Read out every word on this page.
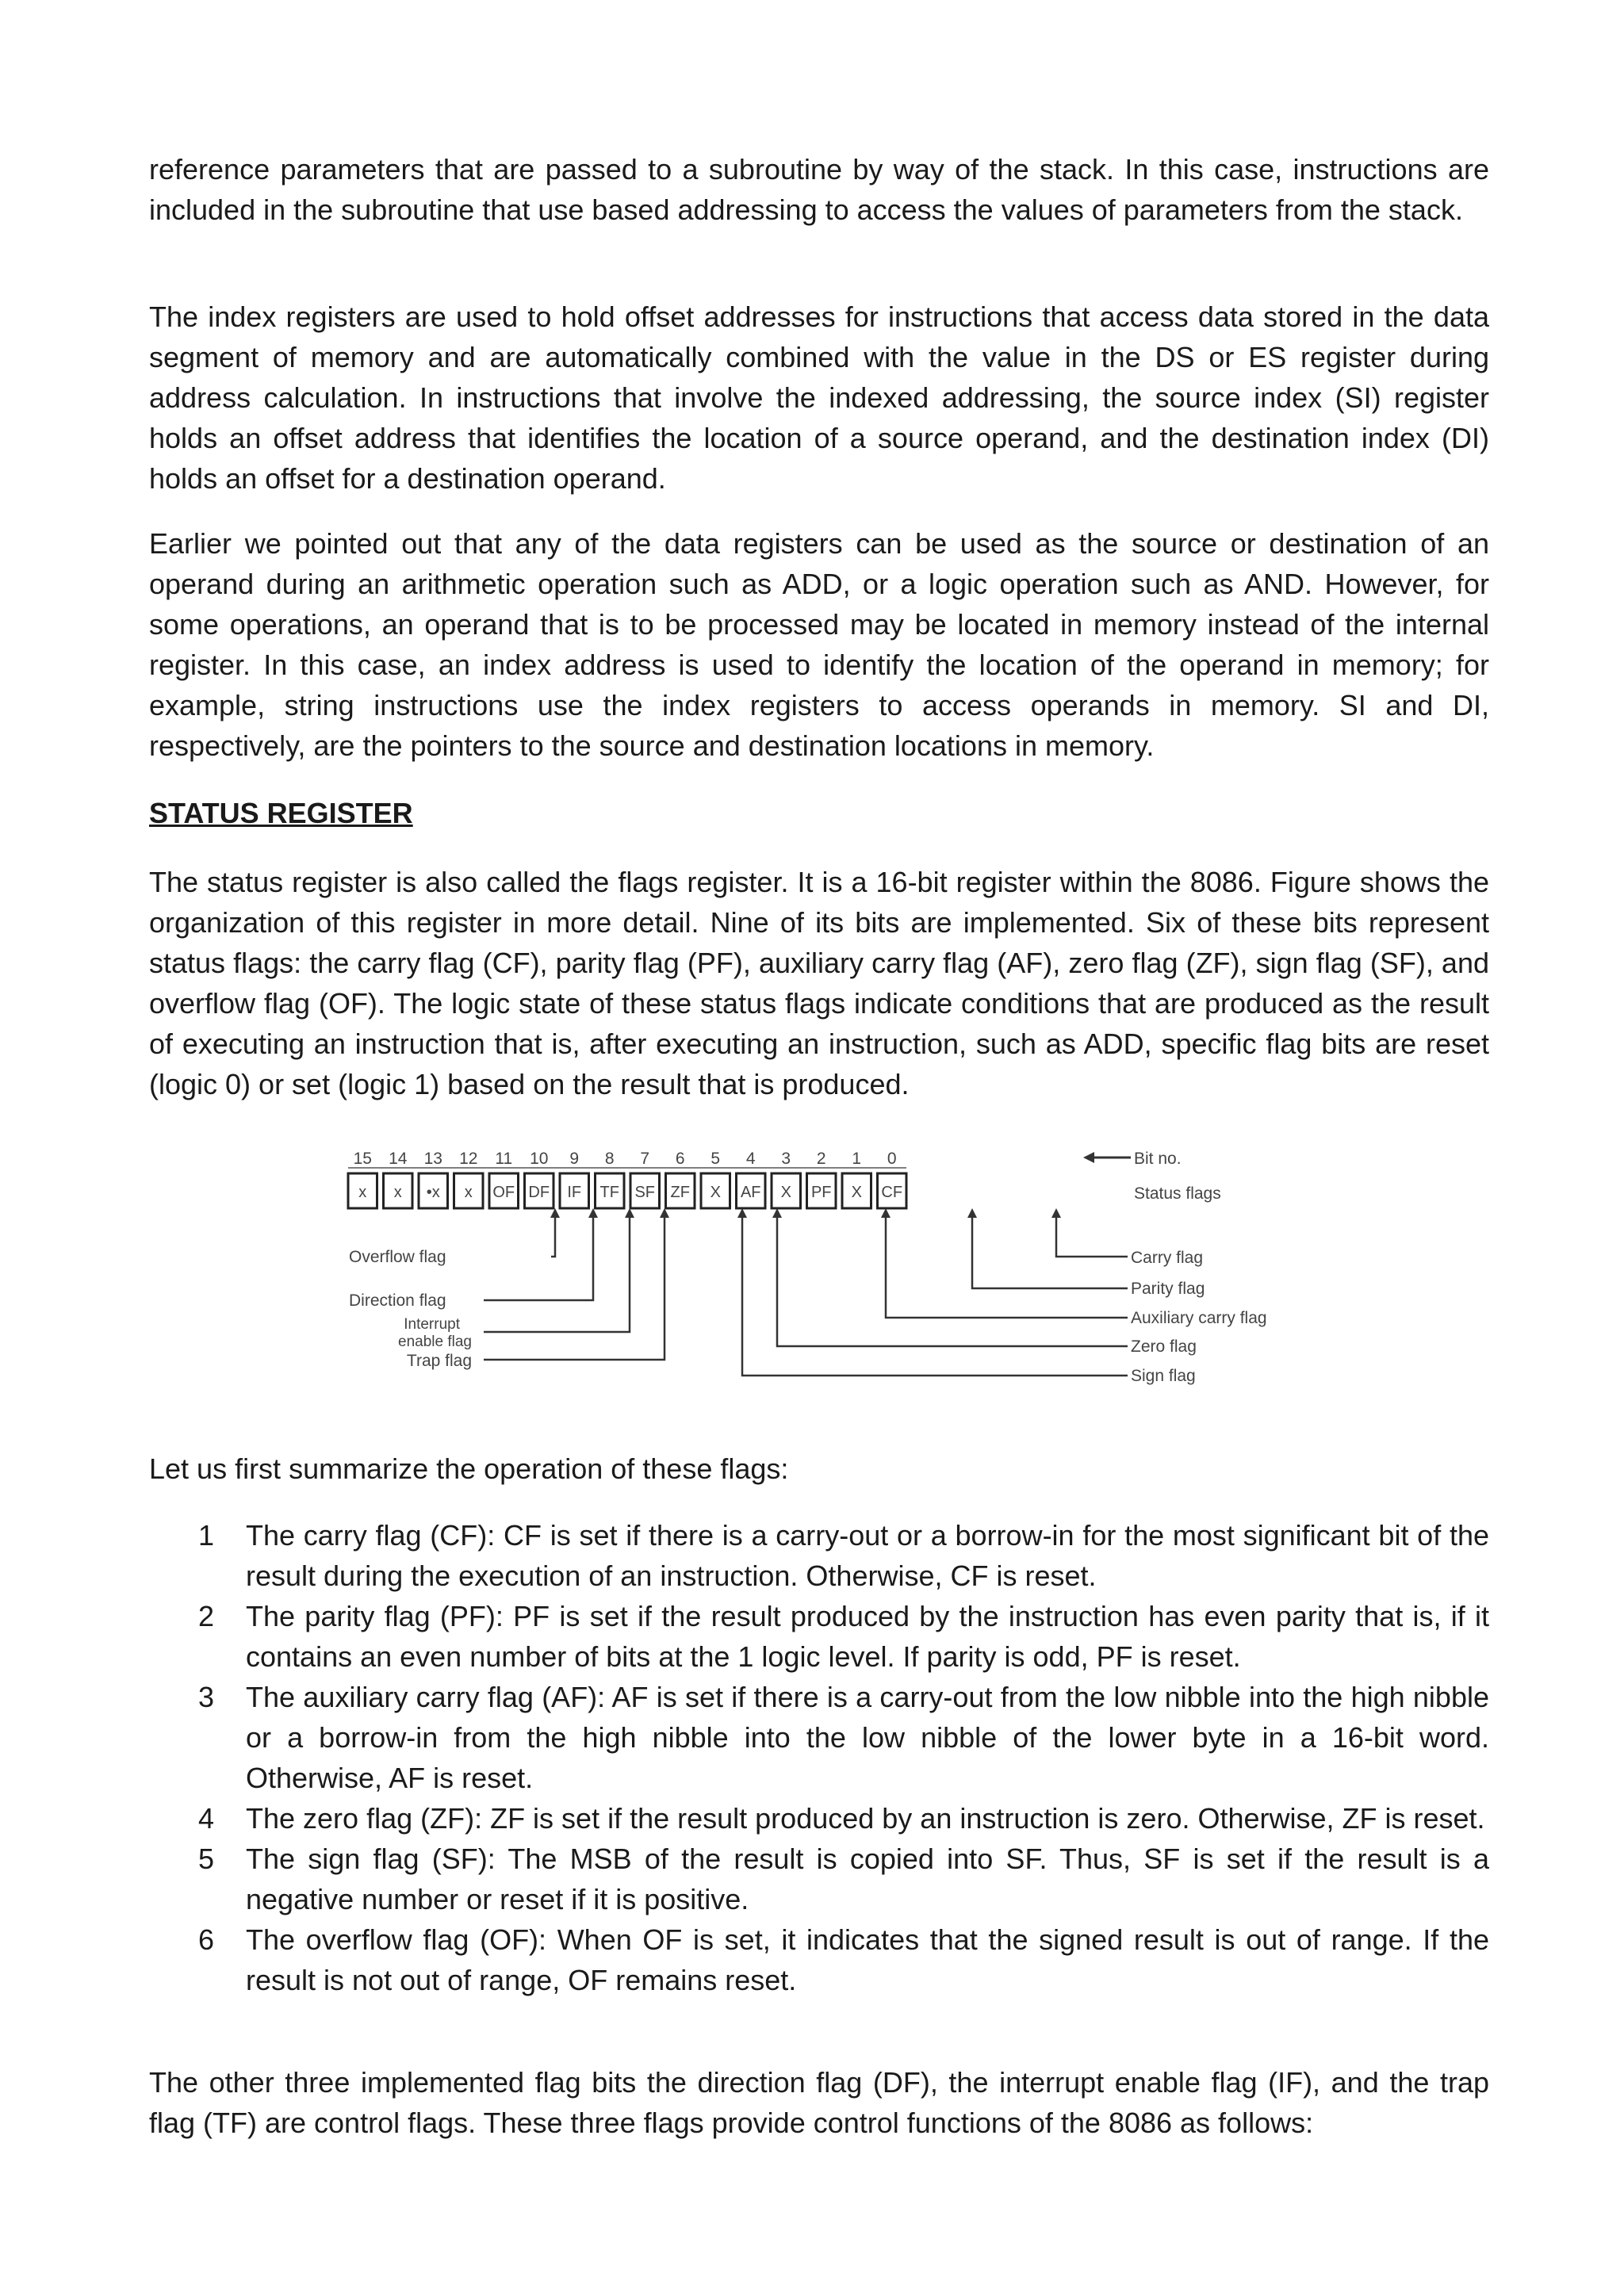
reference parameters that are passed to a subroutine by way of the stack. In this case, instructions are included in the subroutine that use based addressing to access the values of parameters from the stack.

The index registers are used to hold offset addresses for instructions that access data stored in the data segment of memory and are automatically combined with the value in the DS or ES register during address calculation. In instructions that involve the indexed addressing, the source index (SI) register holds an offset address that identifies the location of a source operand, and the destination index (DI) holds an offset for a destination operand.

Earlier we pointed out that any of the data registers can be used as the source or destination of an operand during an arithmetic operation such as ADD, or a logic operation such as AND. However, for some operations, an operand that is to be processed may be located in memory instead of the internal register. In this case, an index address is used to identify the location of the operand in memory; for example, string instructions use the index registers to access operands in memory. SI and DI, respectively, are the pointers to the source and destination locations in memory.

STATUS REGISTER

The status register is also called the flags register. It is a 16-bit register within the 8086. Figure shows the organization of this register in more detail. Nine of its bits are implemented. Six of these bits represent status flags: the carry flag (CF), parity flag (PF), auxiliary carry flag (AF), zero flag (ZF), sign flag (SF), and overflow flag (OF). The logic state of these status flags indicate conditions that are produced as the result of executing an instruction that is, after executing an instruction, such as ADD, specific flag bits are reset (logic 0) or set (logic 1) based on the result that is produced.

15 14 13 12 11 10 9 8 7 6 5 4 3 2 1 0
x x •x x OF DF IF TF SF ZF X AF X PF X CF
Bit no.
Status flags
Overflow flag
Direction flag
Interrupt
enable flag
Trap flag
Carry flag
Parity flag
Auxiliary carry flag
Zero flag
Sign flag
Let us first summarize the operation of these flags:
1 The carry flag (CF): CF is set if there is a carry-out or a borrow-in for the most significant bit of the result during the execution of an instruction. Otherwise, CF is reset.
2 The parity flag (PF): PF is set if the result produced by the instruction has even parity that is, if it contains an even number of bits at the 1 logic level. If parity is odd, PF is reset.
3 The auxiliary carry flag (AF): AF is set if there is a carry-out from the low nibble into the high nibble or a borrow-in from the high nibble into the low nibble of the lower byte in a 16-bit word. Otherwise, AF is reset.
4 The zero flag (ZF): ZF is set if the result produced by an instruction is zero. Otherwise, ZF is reset.
5 The sign flag (SF): The MSB of the result is copied into SF. Thus, SF is set if the result is a negative number or reset if it is positive.
6 The overflow flag (OF): When OF is set, it indicates that the signed result is out of range. If the result is not out of range, OF remains reset.

The other three implemented flag bits the direction flag (DF), the interrupt enable flag (IF), and the trap flag (TF) are control flags. These three flags provide control functions of the 8086 as follows:
